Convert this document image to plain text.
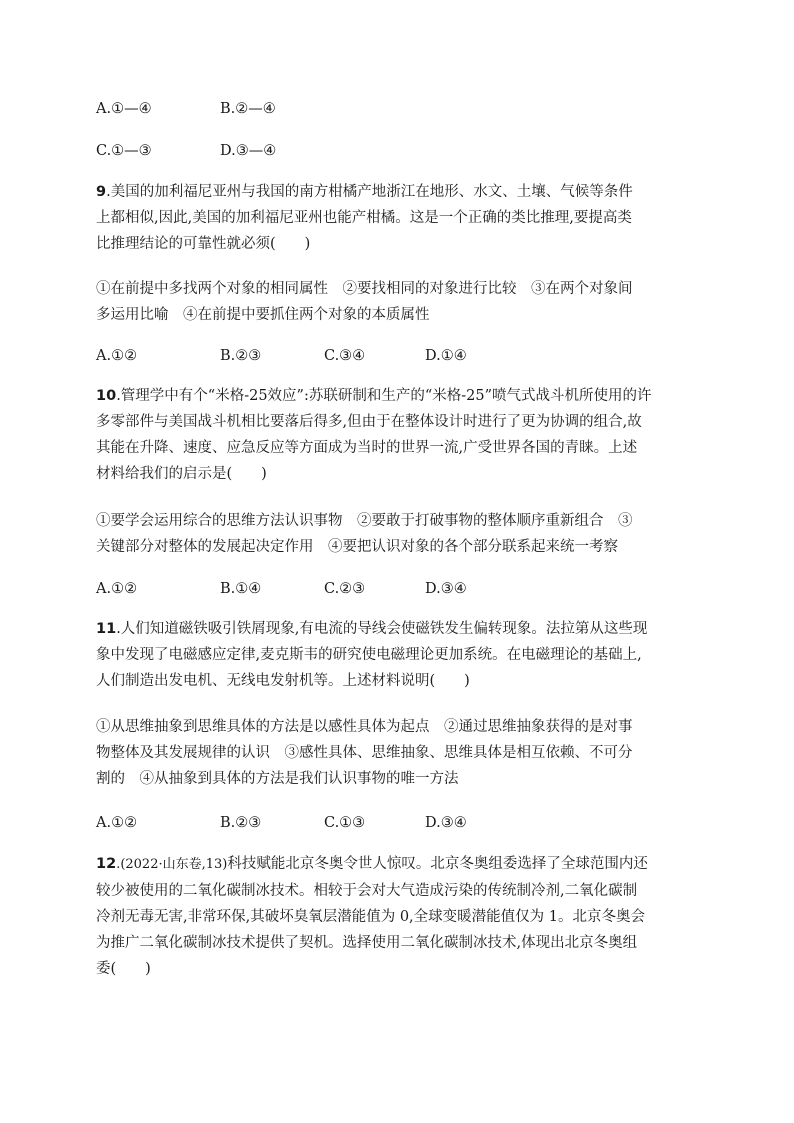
A.①—④	B.②—④
C.①—③	D.③—④
9.美国的加利福尼亚州与我国的南方柑橘产地浙江在地形、水文、土壤、气候等条件
上都相似,因此,美国的加利福尼亚州也能产柑橘。这是一个正确的类比推理,要提高类
比推理结论的可靠性就必须(　　)
①在前提中多找两个对象的相同属性　②要找相同的对象进行比较　③在两个对象间
多运用比喻　④在前提中要抓住两个对象的本质属性
A.①②	B.②③	C.③④	D.①④
10.管理学中有个“米格-25效应”:苏联研制和生产的“米格-25”喷气式战斗机所使用的许
多零部件与美国战斗机相比要落后得多,但由于在整体设计时进行了更为协调的组合,故
其能在升降、速度、应急反应等方面成为当时的世界一流,广受世界各国的青睐。上述
材料给我们的启示是(　　)
①要学会运用综合的思维方法认识事物　②要敢于打破事物的整体顺序重新组合　③
关键部分对整体的发展起决定作用　④要把认识对象的各个部分联系起来统一考察
A.①②	B.①④	C.②③	D.③④
11.人们知道磁铁吸引铁屑现象,有电流的导线会使磁铁发生偏转现象。法拉第从这些现
象中发现了电磁感应定律,麦克斯韦的研究使电磁理论更加系统。在电磁理论的基础上,
人们制造出发电机、无线电发射机等。上述材料说明(　　)
①从思维抽象到思维具体的方法是以感性具体为起点　②通过思维抽象获得的是对事
物整体及其发展规律的认识　③感性具体、思维抽象、思维具体是相互依赖、不可分
割的　④从抽象到具体的方法是我们认识事物的唯一方法
A.①②	B.②③	C.①③	D.③④
12.(2022·山东卷,13)科技赋能北京冬奥令世人惊叹。北京冬奥组委选择了全球范围内还
较少被使用的二氧化碳制冰技术。相较于会对大气造成污染的传统制冷剂,二氧化碳制
冷剂无毒无害,非常环保,其破坏臭氧层潜能值为 0,全球变暖潜能值仅为 1。北京冬奥会
为推广二氧化碳制冰技术提供了契机。选择使用二氧化碳制冰技术,体现出北京冬奥组
委(　　)
